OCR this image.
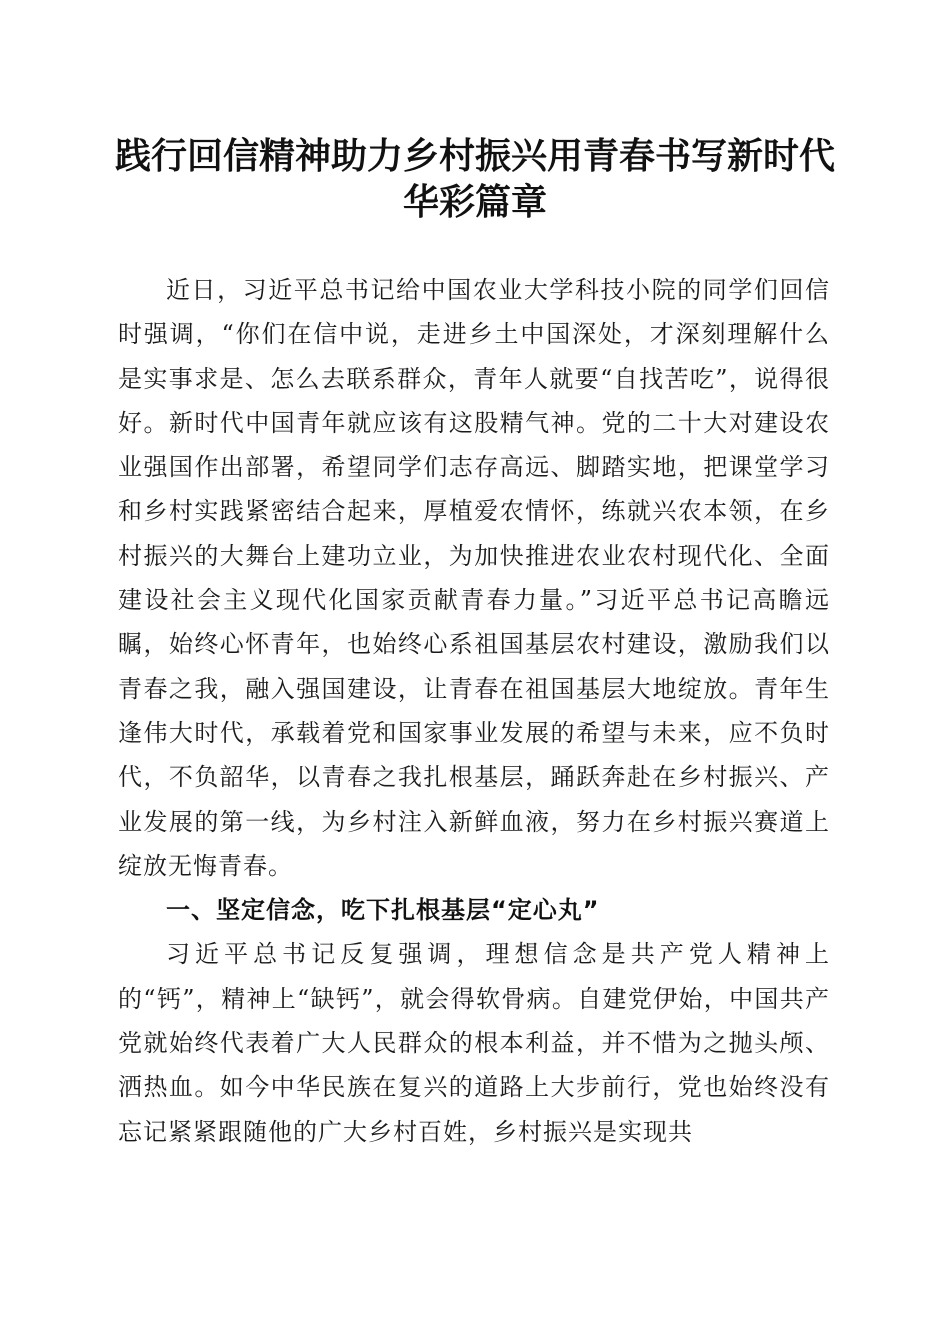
践行回信精神助力乡村振兴用青春书写新时代华彩篇章

近日，习近平总书记给中国农业大学科技小院的同学们回信时强调，“你们在信中说，走进乡土中国深处，才深刻理解什么是实事求是、怎么去联系群众，青年人就要“自找苦吃”，说得很好。新时代中国青年就应该有这股精气神。党的二十大对建设农业强国作出部署，希望同学们志存高远、脚踏实地，把课堂学习和乡村实践紧密结合起来，厚植爱农情怀，练就兴农本领，在乡村振兴的大舞台上建功立业，为加快推进农业农村现代化、全面建设社会主义现代化国家贡献青春力量。”习近平总书记高瞻远瞩，始终心怀青年，也始终心系祖国基层农村建设，激励我们以青春之我，融入强国建设，让青春在祖国基层大地绽放。青年生逢伟大时代，承载着党和国家事业发展的希望与未来，应不负时代，不负韶华，以青春之我扎根基层，踊跃奔赴在乡村振兴、产业发展的第一线，为乡村注入新鲜血液，努力在乡村振兴赛道上绽放无悔青春。

一、坚定信念，吃下扎根基层“定心丸”

习近平总书记反复强调，理想信念是共产党人精神上的“钙”，精神上“缺钙”，就会得软骨病。自建党伊始，中国共产党就始终代表着广大人民群众的根本利益，并不惜为之抛头颅、洒热血。如今中华民族在复兴的道路上大步前行，党也始终没有忘记紧紧跟随他的广大乡村百姓，乡村振兴是实现共
